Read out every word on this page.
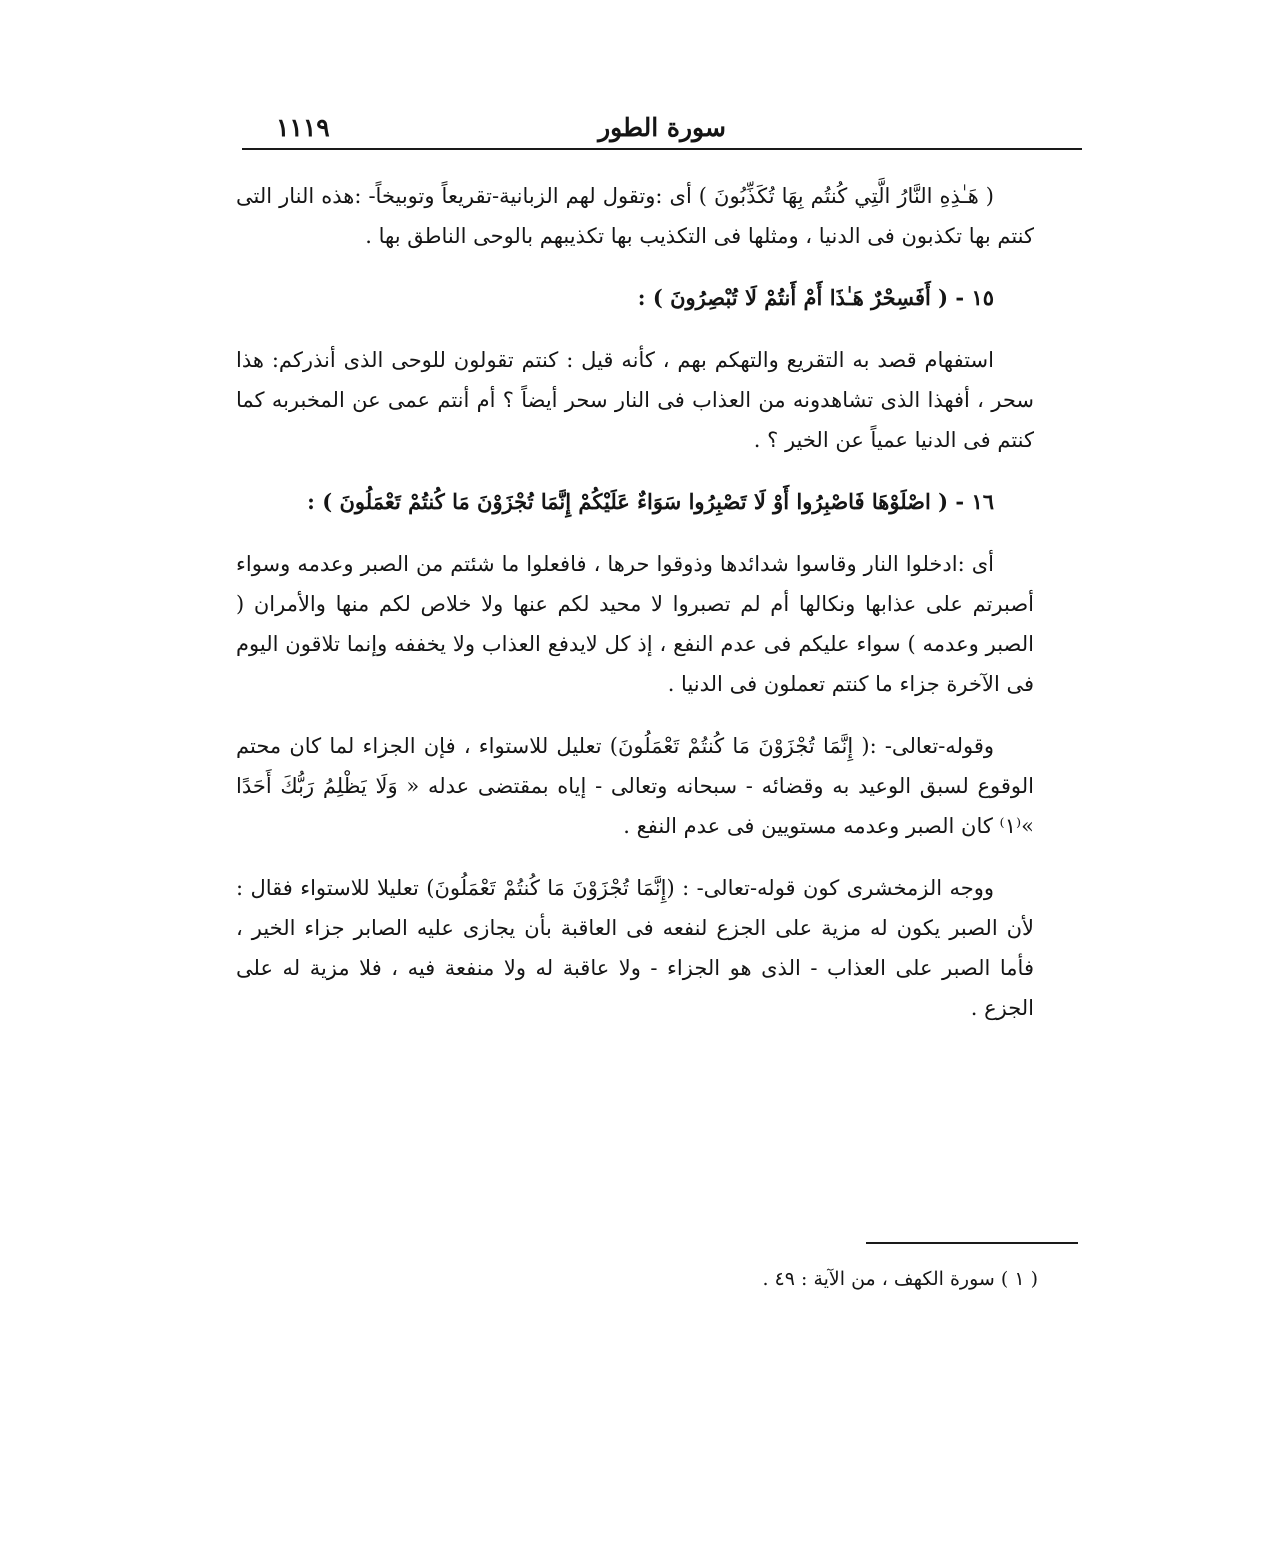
سورة الطور
١١١٩

( هَـٰذِهِ النَّارُ الَّتِي كُنتُم بِهَا تُكَذِّبُونَ ) أى :وتقول لهم الزبانية-تقريعاً وتوبيخاً- :هذه النار التى كنتم بها تكذبون فى الدنيا ، ومثلها فى التكذيب بها تكذيبهم بالوحى الناطق بها .

١٥ - ( أَفَسِحْرٌ هَـٰذَا أَمْ أَنتُمْ لَا تُبْصِرُونَ ) :

استفهام قصد به التقريع والتهكم بهم ، كأنه قيل : كنتم تقولون للوحى الذى أنذركم: هذا سحر ، أفهذا الذى تشاهدونه من العذاب فى النار سحر أيضاً ؟ أم أنتم عمى عن المخبربه كما كنتم فى الدنيا عمياً عن الخير ؟ .

١٦ - ( اصْلَوْهَا فَاصْبِرُوا أَوْ لَا تَصْبِرُوا سَوَاءٌ عَلَيْكُمْ إِنَّمَا تُجْزَوْنَ مَا كُنتُمْ تَعْمَلُونَ ) :

أى :ادخلوا النار وقاسوا شدائدها وذوقوا حرها ، فافعلوا ما شئتم من الصبر وعدمه وسواء أصبرتم على عذابها ونكالها أم لم تصبروا لا محيد لكم عنها ولا خلاص لكم منها والأمران ( الصبر وعدمه ) سواء عليكم فى عدم النفع ، إذ كل لايدفع العذاب ولا يخففه وإنما تلاقون اليوم فى الآخرة جزاء ما كنتم تعملون فى الدنيا .

وقوله-تعالى- :( إِنَّمَا تُجْزَوْنَ مَا كُنتُمْ تَعْمَلُونَ) تعليل للاستواء ، فإن الجزاء لما كان محتم الوقوع لسبق الوعيد به وقضائه - سبحانه وتعالى - إياه بمقتضى عدله « وَلَا يَظْلِمُ رَبُّكَ أَحَدًا »⁽١⁾ كان الصبر وعدمه مستويين فى عدم النفع .

ووجه الزمخشرى كون قوله-تعالى- : (إِنَّمَا تُجْزَوْنَ مَا كُنتُمْ تَعْمَلُونَ) تعليلا للاستواء فقال : لأن الصبر يكون له مزية على الجزع لنفعه فى العاقبة بأن يجازى عليه الصابر جزاء الخير ، فأما الصبر على العذاب - الذى هو الجزاء - ولا عاقبة له ولا منفعة فيه ، فلا مزية له على الجزع .

( ١ ) سورة الكهف ، من الآية : ٤٩ .
